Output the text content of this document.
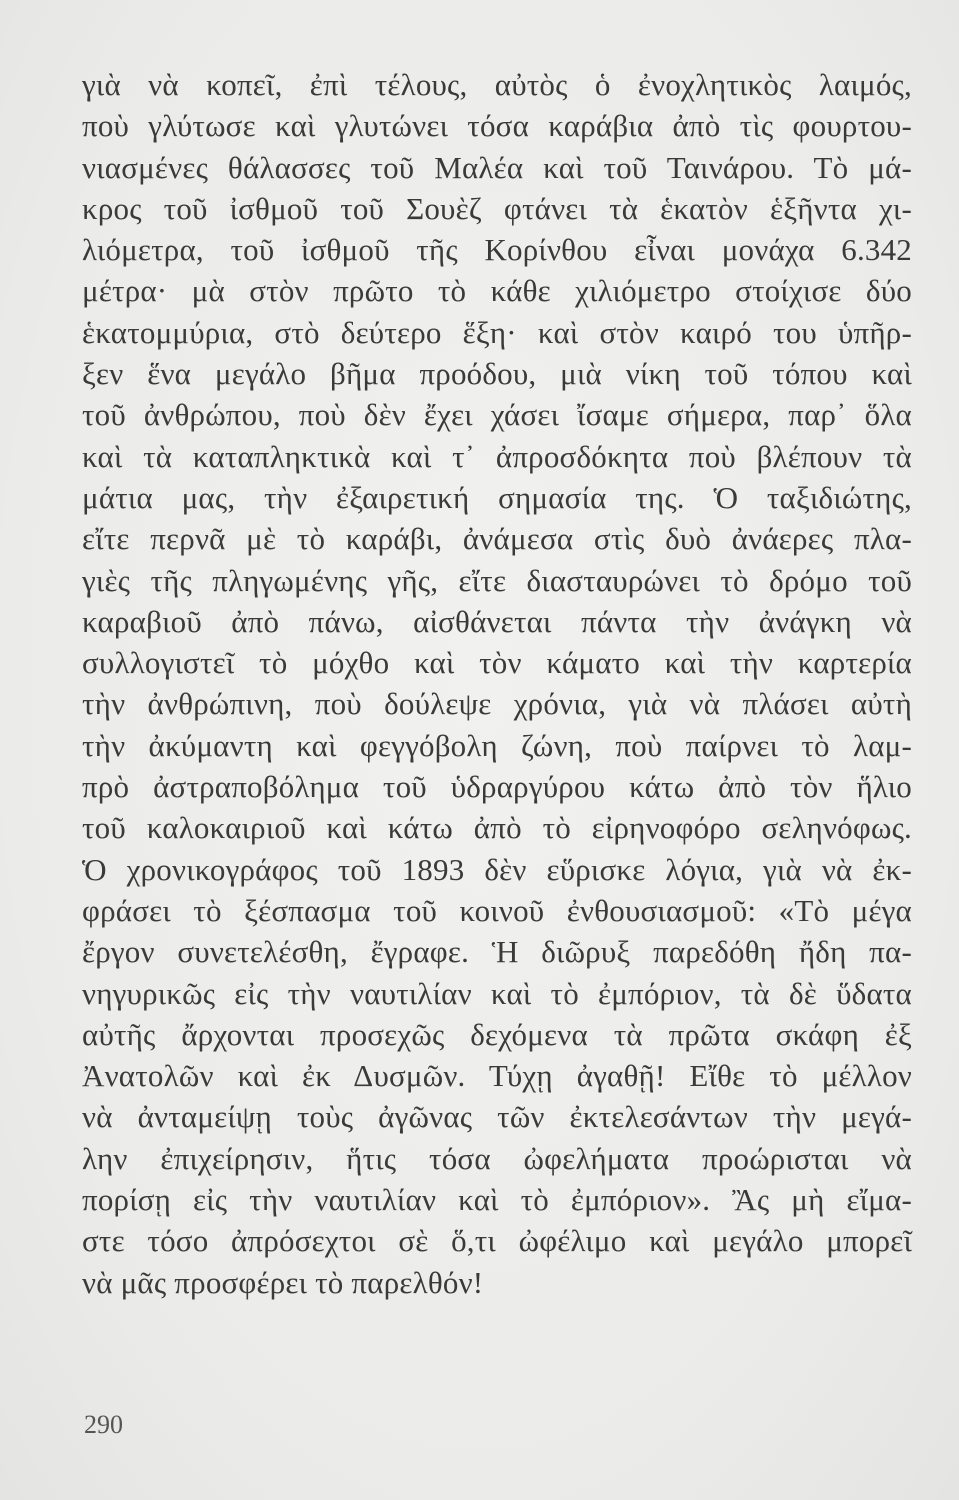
γιὰ νὰ κοπεῖ, ἐπὶ τέλους, αὐτὸς ὁ ἐνοχλητικὸς λαιμός,
ποὺ γλύτωσε καὶ γλυτώνει τόσα καράβια ἀπὸ τὶς φουρτου-
νιασμένες θάλασσες τοῦ Μαλέα καὶ τοῦ Ταινάρου. Τὸ μά-
κρος τοῦ ἰσθμοῦ τοῦ Σουὲζ φτάνει τὰ ἑκατὸν ἑξῆντα χι-
λιόμετρα, τοῦ ἰσθμοῦ τῆς Κορίνθου εἶναι μονάχα 6.342
μέτρα· μὰ στὸν πρῶτο τὸ κάθε χιλιόμετρο στοίχισε δύο
ἑκατομμύρια, στὸ δεύτερο ἕξη· καὶ στὸν καιρό του ὑπῆρ-
ξεν ἕνα μεγάλο βῆμα προόδου, μιὰ νίκη τοῦ τόπου καὶ
τοῦ ἀνθρώπου, ποὺ δὲν ἔχει χάσει ἴσαμε σήμερα, παρ᾽ ὅλα
καὶ τὰ καταπληκτικὰ καὶ τ᾽ ἀπροσδόκητα ποὺ βλέπουν τὰ
μάτια μας, τὴν ἐξαιρετική σημασία της. Ὁ ταξιδιώτης,
εἴτε περνᾶ μὲ τὸ καράβι, ἀνάμεσα στὶς δυὸ ἀνάερες πλα-
γιὲς τῆς πληγωμένης γῆς, εἴτε διασταυρώνει τὸ δρόμο τοῦ
καραβιοῦ ἀπὸ πάνω, αἰσθάνεται πάντα τὴν ἀνάγκη νὰ
συλλογιστεῖ τὸ μόχθο καὶ τὸν κάματο καὶ τὴν καρτερία
τὴν ἀνθρώπινη, ποὺ δούλεψε χρόνια, γιὰ νὰ πλάσει αὐτὴ
τὴν ἀκύμαντη καὶ φεγγόβολη ζώνη, ποὺ παίρνει τὸ λαμ-
πρὸ ἀστραποβόλημα τοῦ ὑδραργύρου κάτω ἀπὸ τὸν ἥλιο
τοῦ καλοκαιριοῦ καὶ κάτω ἀπὸ τὸ εἰρηνοφόρο σεληνόφως.
Ὁ χρονικογράφος τοῦ 1893 δὲν εὕρισκε λόγια, γιὰ νὰ ἐκ-
φράσει τὸ ξέσπασμα τοῦ κοινοῦ ἐνθουσιασμοῦ: «Τὸ μέγα
ἔργον συνετελέσθη, ἔγραφε. Ἡ διῶρυξ παρεδόθη ἤδη πα-
νηγυρικῶς εἰς τὴν ναυτιλίαν καὶ τὸ ἐμπόριον, τὰ δὲ ὕδατα
αὐτῆς ἄρχονται προσεχῶς δεχόμενα τὰ πρῶτα σκάφη ἐξ
Ἀνατολῶν καὶ ἐκ Δυσμῶν. Τύχῃ ἀγαθῇ! Εἴθε τὸ μέλλον
νὰ ἀνταμείψῃ τοὺς ἀγῶνας τῶν ἐκτελεσάντων τὴν μεγά-
λην ἐπιχείρησιν, ἥτις τόσα ὠφελήματα προώρισται νὰ
πορίσῃ εἰς τὴν ναυτιλίαν καὶ τὸ ἐμπόριον». Ἂς μὴ εἴμα-
στε τόσο ἀπρόσεχτοι σὲ ὅ,τι ὠφέλιμο καὶ μεγάλο μπορεῖ
νὰ μᾶς προσφέρει τὸ παρελθόν!
290
